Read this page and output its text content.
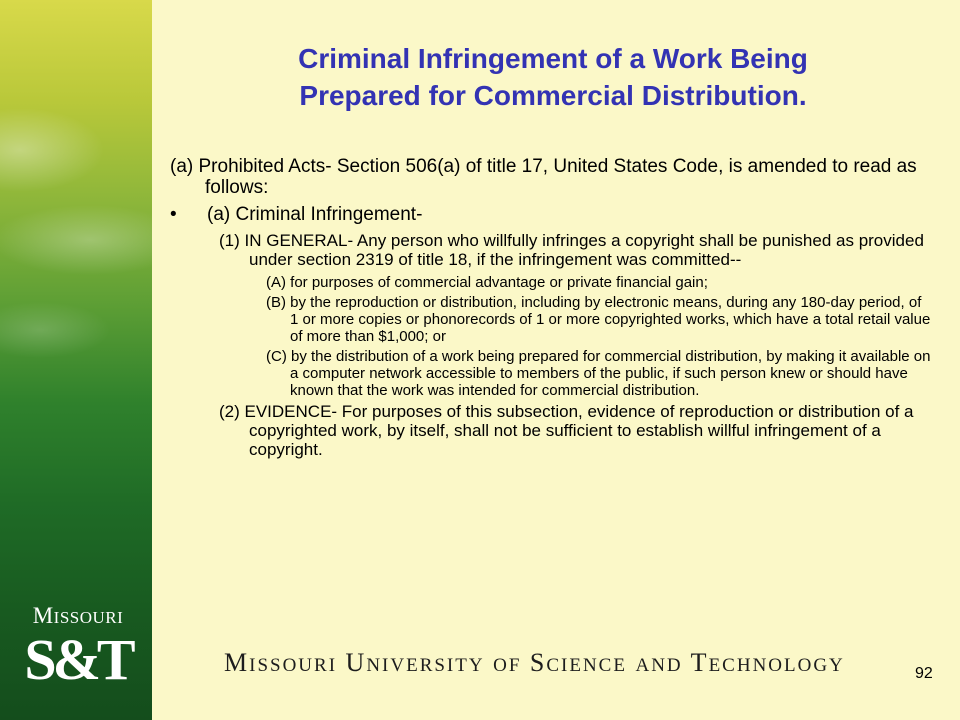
MISSOURI
S&T
Criminal Infringement of a Work Being
Prepared for Commercial Distribution.

(a) Prohibited Acts- Section 506(a) of title 17, United States Code, is amended to read as follows:

• (a) Criminal Infringement-

(1) IN GENERAL- Any person who willfully infringes a copyright shall be punished as provided under section 2319 of title 18, if the infringement was committed--

(A) for purposes of commercial advantage or private financial gain;

(B) by the reproduction or distribution, including by electronic means, during any 180-day period, of 1 or more copies or phonorecords of 1 or more copyrighted works, which have a total retail value of more than $1,000; or

(C) by the distribution of a work being prepared for commercial distribution, by making it available on a computer network accessible to members of the public, if such person knew or should have known that the work was intended for commercial distribution.

(2) EVIDENCE- For purposes of this subsection, evidence of reproduction or distribution of a copyrighted work, by itself, shall not be sufficient to establish willful infringement of a copyright.

MISSOURI UNIVERSITY OF SCIENCE AND TECHNOLOGY	92
